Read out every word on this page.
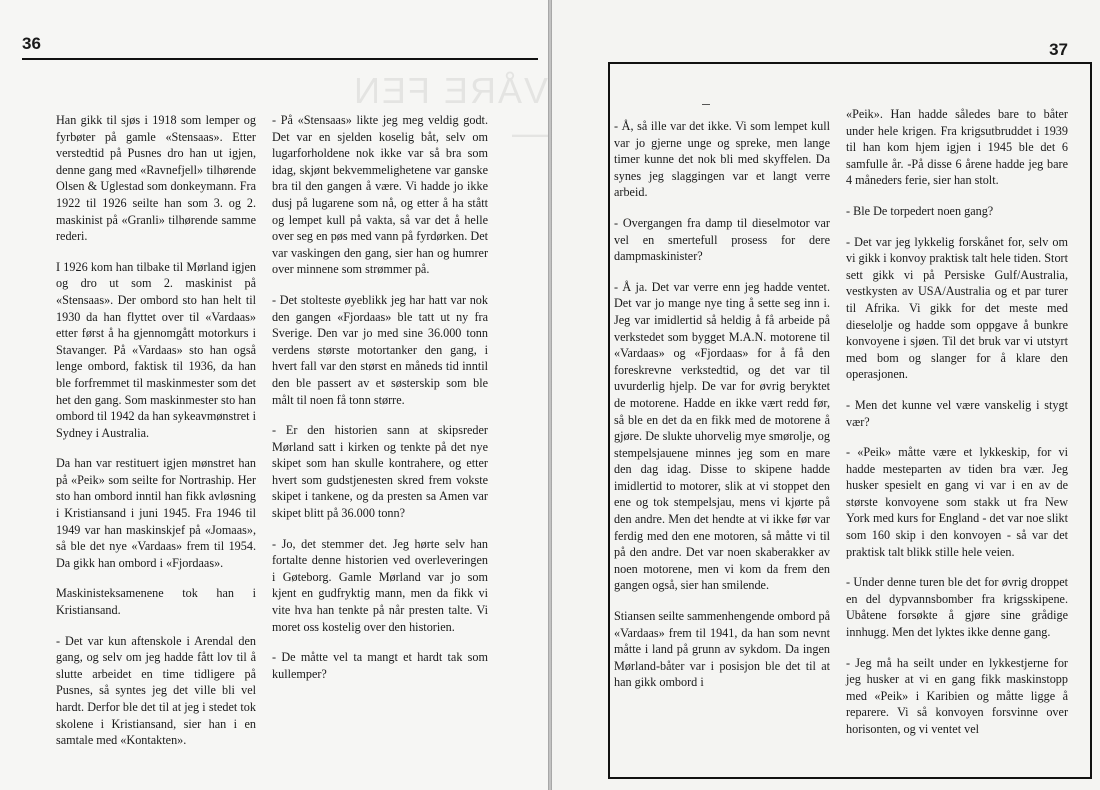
36
VÅRE FEN—

Han gikk til sjøs i 1918 som lemper og fyrbøter på gamle «Stensaas». Etter verstedtid på Pusnes dro han ut igjen, denne gang med «Ravnefjell» tilhørende Olsen & Uglestad som donkeymann. Fra 1922 til 1926 seilte han som 3. og 2. maskinist på «Granli» tilhørende samme rederi.

I 1926 kom han tilbake til Mørland igjen og dro ut som 2. maskinist på «Stensaas». Der ombord sto han helt til 1930 da han flyttet over til «Vardaas» etter først å ha gjennomgått motorkurs i Stavanger. På «Vardaas» sto han også lenge ombord, faktisk til 1936, da han ble forfremmet til maskinmester som det het den gang. Som maskinmester sto han ombord til 1942 da han sykeavmønstret i Sydney i Australia.

Da han var restituert igjen mønstret han på «Peik» som seilte for Nortraship. Her sto han ombord inntil han fikk avløsning i Kristiansand i juni 1945. Fra 1946 til 1949 var han maskinskjef på «Jomaas», så ble det nye «Vardaas» frem til 1954. Da gikk han ombord i «Fjordaas».

Maskinisteksamenene tok han i Kristiansand.

- Det var kun aftenskole i Arendal den gang, og selv om jeg hadde fått lov til å slutte arbeidet en time tidligere på Pusnes, så syntes jeg det ville bli vel hardt. Derfor ble det til at jeg i stedet tok skolene i Kristiansand, sier han i en samtale med «Kontakten».

- På «Stensaas» likte jeg meg veldig godt. Det var en sjelden koselig båt, selv om lugarforholdene nok ikke var så bra som idag, skjønt bekvemmelighetene var ganske bra til den gangen å være. Vi hadde jo ikke dusj på lugarene som nå, og etter å ha stått og lempet kull på vakta, så var det å helle over seg en pøs med vann på fyrdørken. Det var vaskingen den gang, sier han og humrer over minnene som strømmer på.

- Det stolteste øyeblikk jeg har hatt var nok den gangen «Fjordaas» ble tatt ut ny fra Sverige. Den var jo med sine 36.000 tonn verdens største motortanker den gang, i hvert fall var den størst en måneds tid inntil den ble passert av et søsterskip som ble målt til noen få tonn større.

- Er den historien sann at skipsreder Mørland satt i kirken og tenkte på det nye skipet som han skulle kontrahere, og etter hvert som gudstjenesten skred frem vokste skipet i tankene, og da presten sa Amen var skipet blitt på 36.000 tonn?

- Jo, det stemmer det. Jeg hørte selv han fortalte denne historien ved overleveringen i Gøteborg. Gamle Mørland var jo som kjent en gudfryktig mann, men da fikk vi vite hva han tenkte på når presten talte. Vi moret oss kostelig over den historien.

- De måtte vel ta mangt et hardt tak som kullemper?

37

- Å, så ille var det ikke. Vi som lempet kull var jo gjerne unge og spreke, men lange timer kunne det nok bli med skyffelen. Da synes jeg slaggingen var et langt verre arbeid.

- Overgangen fra damp til dieselmotor var vel en smertefull prosess for dere dampmaskinister?

- Å ja. Det var verre enn jeg hadde ventet. Det var jo mange nye ting å sette seg inn i. Jeg var imidlertid så heldig å få arbeide på verkstedet som bygget M.A.N. motorene til «Vardaas» og «Fjordaas» for å få den foreskrevne verkstedtid, og det var til uvurderlig hjelp. De var for øvrig beryktet de motorene. Hadde en ikke vært redd før, så ble en det da en fikk med de motorene å gjøre. De slukte uhorvelig mye smørolje, og stempelsjauene minnes jeg som en mare den dag idag. Disse to skipene hadde imidlertid to motorer, slik at vi stoppet den ene og tok stempelsjau, mens vi kjørte på den andre. Men det hendte at vi ikke før var ferdig med den ene motoren, så måtte vi til på den andre. Det var noen skaberakker av noen motorene, men vi kom da frem den gangen også, sier han smilende.

Stiansen seilte sammenhengende ombord på «Vardaas» frem til 1941, da han som nevnt måtte i land på grunn av sykdom. Da ingen Mørland-båter var i posisjon ble det til at han gikk ombord i

«Peik». Han hadde således bare to båter under hele krigen. Fra krigsutbruddet i 1939 til han kom hjem igjen i 1945 ble det 6 samfulle år. -På disse 6 årene hadde jeg bare 4 måneders ferie, sier han stolt.

- Ble De torpedert noen gang?

- Det var jeg lykkelig forskånet for, selv om vi gikk i konvoy praktisk talt hele tiden. Stort sett gikk vi på Persiske Gulf/Australia, vestkysten av USA/Australia og et par turer til Afrika. Vi gikk for det meste med dieselolje og hadde som oppgave å bunkre konvoyene i sjøen. Til det bruk var vi utstyrt med bom og slanger for å klare den operasjonen.

- Men det kunne vel være vanskelig i stygt vær?

- «Peik» måtte være et lykkeskip, for vi hadde mesteparten av tiden bra vær. Jeg husker spesielt en gang vi var i en av de største konvoyene som stakk ut fra New York med kurs for England - det var noe slikt som 160 skip i den konvoyen - så var det praktisk talt blikk stille hele veien.

- Under denne turen ble det for øvrig droppet en del dypvannsbomber fra krigsskipene. Ubåtene forsøkte å gjøre sine grådige innhugg. Men det lyktes ikke denne gang.

- Jeg må ha seilt under en lykkestjerne for jeg husker at vi en gang fikk maskinstopp med «Peik» i Karibien og måtte ligge å reparere. Vi så konvoyen forsvinne over horisonten, og vi ventet vel
